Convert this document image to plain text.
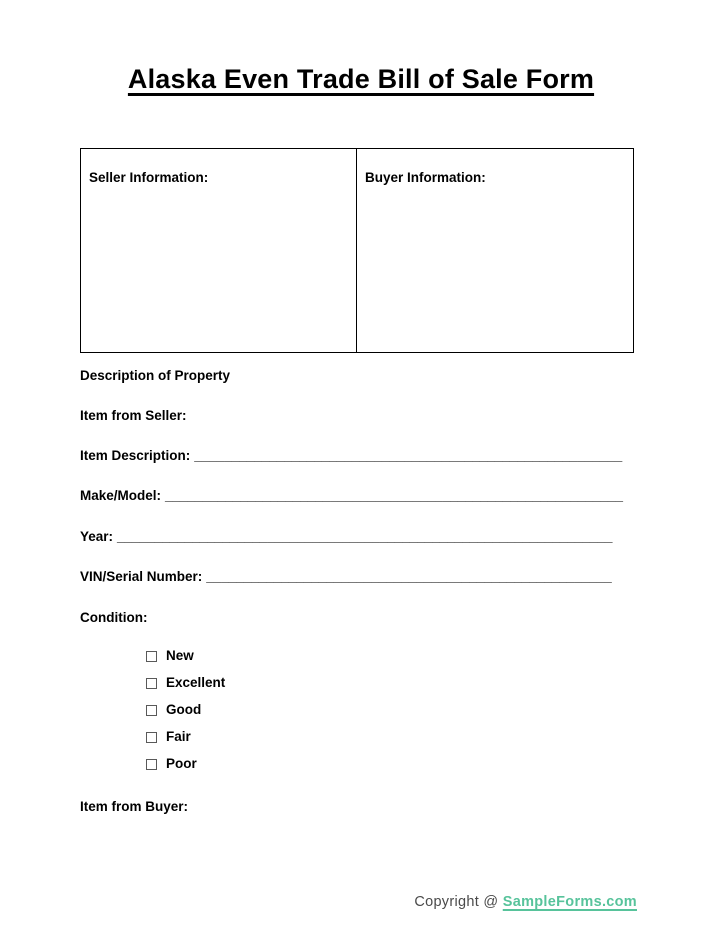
Alaska Even Trade Bill of Sale Form
Seller Information:	Buyer Information:
Description of Property
Item from Seller:
Item Description: _________________________________________________________
Make/Model: _____________________________________________________________
Year: __________________________________________________________________
VIN/Serial Number: ______________________________________________________
Condition:
New
Excellent
Good
Fair
Poor
Item from Buyer:
Copyright @ SampleForms.com
